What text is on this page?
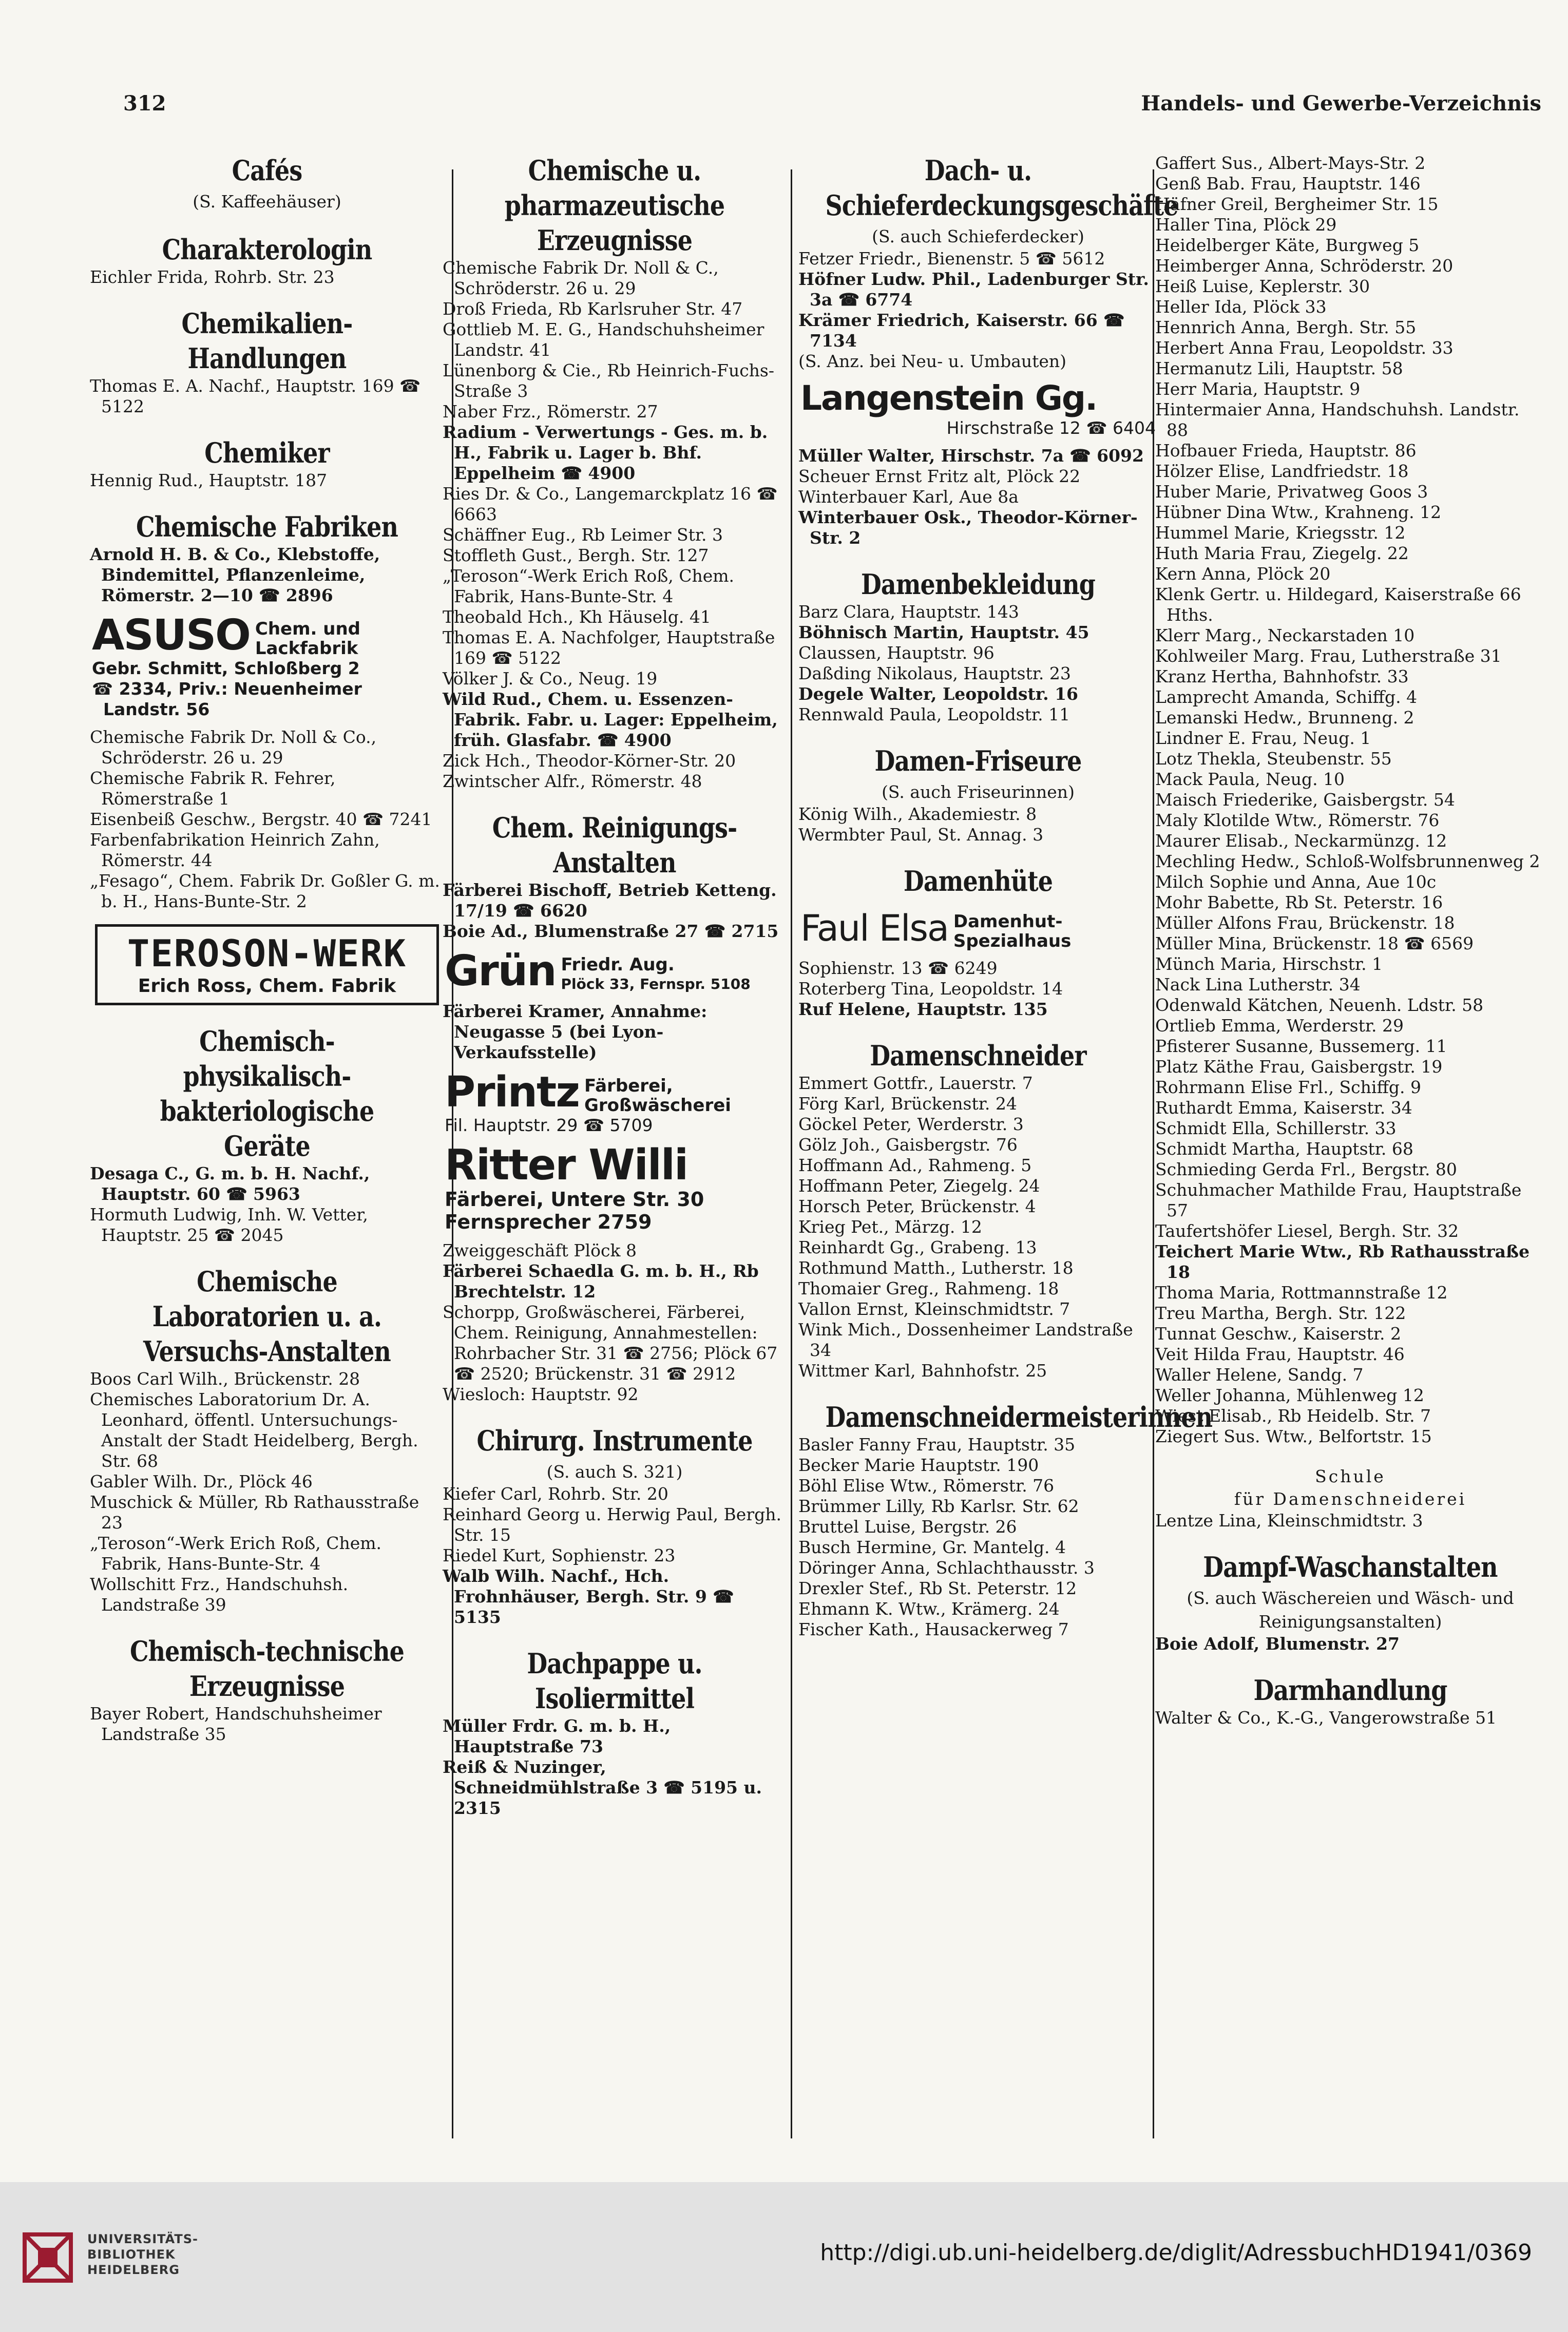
312	Handels- und Gewerbe-Verzeichnis
Cafés
(S. Kaffeehäuser)
Charakterologin
Eichler Frida, Rohrb. Str. 23
Chemikalien-Handlungen
Thomas E. A. Nachf., Hauptstr. 169 ☎ 5122
Chemiker
Hennig Rud., Hauptstr. 187
Chemische Fabriken
Arnold H. B. & Co., Klebstoffe, Bindemittel, Pflanzenleime, Römerstr. 2—10 ☎ 2896
ASUSO Chem. und
Lackfabrik
Gebr. Schmitt, Schloßberg 2
☎ 2334, Priv.: Neuenheimer Landstr. 56
Chemische Fabrik Dr. Noll & Co., Schröderstr. 26 u. 29
Chemische Fabrik R. Fehrer, Römerstraße 1
Eisenbeiß Geschw., Bergstr. 40 ☎ 7241
Farbenfabrikation Heinrich Zahn, Römerstr. 44
„Fesago“, Chem. Fabrik Dr. Goßler G. m. b. H., Hans-Bunte-Str. 2
TEROSON-WERK
Erich Ross, Chem. Fabrik
Chemisch-physikalisch-bakteriologische Geräte
Desaga C., G. m. b. H. Nachf., Hauptstr. 60 ☎ 5963
Hormuth Ludwig, Inh. W. Vetter, Hauptstr. 25 ☎ 2045
Chemische Laboratorien u. a. Versuchs-Anstalten
Boos Carl Wilh., Brückenstr. 28
Chemisches Laboratorium Dr. A. Leonhard, öffentl. Untersuchungs-Anstalt der Stadt Heidelberg, Bergh. Str. 68
Gabler Wilh. Dr., Plöck 46
Muschick & Müller, Rb Rathausstraße 23
„Teroson“-Werk Erich Roß, Chem. Fabrik, Hans-Bunte-Str. 4
Wollschitt Frz., Handschuhsh. Landstraße 39
Chemisch-technische Erzeugnisse
Bayer Robert, Handschuhsheimer Landstraße 35
Chemische u. pharmazeutische Erzeugnisse
Chemische Fabrik Dr. Noll & C., Schröderstr. 26 u. 29
Droß Frieda, Rb Karlsruher Str. 47
Gottlieb M. E. G., Handschuhsheimer Landstr. 41
Lünenborg & Cie., Rb Heinrich-Fuchs-Straße 3
Naber Frz., Römerstr. 27
Radium - Verwertungs - Ges. m. b. H., Fabrik u. Lager b. Bhf. Eppelheim ☎ 4900
Ries Dr. & Co., Langemarckplatz 16 ☎ 6663
Schäffner Eug., Rb Leimer Str. 3
Stoffleth Gust., Bergh. Str. 127
„Teroson“-Werk Erich Roß, Chem. Fabrik, Hans-Bunte-Str. 4
Theobald Hch., Kh Häuselg. 41
Thomas E. A. Nachfolger, Hauptstraße 169 ☎ 5122
Völker J. & Co., Neug. 19
Wild Rud., Chem. u. Essenzen-Fabrik. Fabr. u. Lager: Eppelheim, früh. Glasfabr. ☎ 4900
Zick Hch., Theodor-Körner-Str. 20
Zwintscher Alfr., Römerstr. 48
Chem. Reinigungs-Anstalten
Färberei Bischoff, Betrieb Ketteng. 17/19 ☎ 6620
Boie Ad., Blumenstraße 27 ☎ 2715
Grün Friedr. Aug.
Plöck 33, Fernspr. 5108
Färberei Kramer, Annahme: Neugasse 5 (bei Lyon-Verkaufsstelle)
Printz Färberei,
Großwäscherei
Fil. Hauptstr. 29 ☎ 5709
Ritter Willi
Färberei, Untere Str. 30
Fernsprecher 2759
Zweiggeschäft Plöck 8
Färberei Schaedla G. m. b. H., Rb Brechtelstr. 12
Schorpp, Großwäscherei, Färberei, Chem. Reinigung, Annahmestellen: Rohrbacher Str. 31 ☎ 2756; Plöck 67 ☎ 2520; Brückenstr. 31 ☎ 2912
Wiesloch: Hauptstr. 92
Chirurg. Instrumente
(S. auch S. 321)
Kiefer Carl, Rohrb. Str. 20
Reinhard Georg u. Herwig Paul, Bergh. Str. 15
Riedel Kurt, Sophienstr. 23
Walb Wilh. Nachf., Hch. Frohnhäuser, Bergh. Str. 9 ☎ 5135
Dachpappe u. Isoliermittel
Müller Frdr. G. m. b. H., Hauptstraße 73
Reiß & Nuzinger, Schneidmühlstraße 3 ☎ 5195 u. 2315
Dach- u. Schieferdeckungsgeschäfte
(S. auch Schieferdecker)
Fetzer Friedr., Bienenstr. 5 ☎ 5612
Höfner Ludw. Phil., Ladenburger Str. 3a ☎ 6774
Krämer Friedrich, Kaiserstr. 66 ☎ 7134
(S. Anz. bei Neu- u. Umbauten)
Langenstein Gg.
Hirschstraße 12 ☎ 6404
Müller Walter, Hirschstr. 7a ☎ 6092
Scheuer Ernst Fritz alt, Plöck 22
Winterbauer Karl, Aue 8a
Winterbauer Osk., Theodor-Körner-Str. 2
Damenbekleidung
Barz Clara, Hauptstr. 143
Böhnisch Martin, Hauptstr. 45
Claussen, Hauptstr. 96
Daßding Nikolaus, Hauptstr. 23
Degele Walter, Leopoldstr. 16
Rennwald Paula, Leopoldstr. 11
Damen-Friseure
(S. auch Friseurinnen)
König Wilh., Akademiestr. 8
Wermbter Paul, St. Annag. 3
Damenhüte
Faul Elsa Damenhut-
Spezialhaus
Sophienstr. 13 ☎ 6249
Roterberg Tina, Leopoldstr. 14
Ruf Helene, Hauptstr. 135
Damenschneider
Emmert Gottfr., Lauerstr. 7
Förg Karl, Brückenstr. 24
Göckel Peter, Werderstr. 3
Gölz Joh., Gaisbergstr. 76
Hoffmann Ad., Rahmeng. 5
Hoffmann Peter, Ziegelg. 24
Horsch Peter, Brückenstr. 4
Krieg Pet., Märzg. 12
Reinhardt Gg., Grabeng. 13
Rothmund Matth., Lutherstr. 18
Thomaier Greg., Rahmeng. 18
Vallon Ernst, Kleinschmidtstr. 7
Wink Mich., Dossenheimer Landstraße 34
Wittmer Karl, Bahnhofstr. 25
Damenschneidermeisterinnen
Basler Fanny Frau, Hauptstr. 35
Becker Marie Hauptstr. 190
Böhl Elise Wtw., Römerstr. 76
Brümmer Lilly, Rb Karlsr. Str. 62
Bruttel Luise, Bergstr. 26
Busch Hermine, Gr. Mantelg. 4
Döringer Anna, Schlachthausstr. 3
Drexler Stef., Rb St. Peterstr. 12
Ehmann K. Wtw., Krämerg. 24
Fischer Kath., Hausackerweg 7
Gaffert Sus., Albert-Mays-Str. 2
Genß Bab. Frau, Hauptstr. 146
Häfner Greil, Bergheimer Str. 15
Haller Tina, Plöck 29
Heidelberger Käte, Burgweg 5
Heimberger Anna, Schröderstr. 20
Heiß Luise, Keplerstr. 30
Heller Ida, Plöck 33
Hennrich Anna, Bergh. Str. 55
Herbert Anna Frau, Leopoldstr. 33
Hermanutz Lili, Hauptstr. 58
Herr Maria, Hauptstr. 9
Hintermaier Anna, Handschuhsh. Landstr. 88
Hofbauer Frieda, Hauptstr. 86
Hölzer Elise, Landfriedstr. 18
Huber Marie, Privatweg Goos 3
Hübner Dina Wtw., Krahneng. 12
Hummel Marie, Kriegsstr. 12
Huth Maria Frau, Ziegelg. 22
Kern Anna, Plöck 20
Klenk Gertr. u. Hildegard, Kaiserstraße 66 Hths.
Klerr Marg., Neckarstaden 10
Kohlweiler Marg. Frau, Lutherstraße 31
Kranz Hertha, Bahnhofstr. 33
Lamprecht Amanda, Schiffg. 4
Lemanski Hedw., Brunneng. 2
Lindner E. Frau, Neug. 1
Lotz Thekla, Steubenstr. 55
Mack Paula, Neug. 10
Maisch Friederike, Gaisbergstr. 54
Maly Klotilde Wtw., Römerstr. 76
Maurer Elisab., Neckarmünzg. 12
Mechling Hedw., Schloß-Wolfsbrunnenweg 2
Milch Sophie und Anna, Aue 10c
Mohr Babette, Rb St. Peterstr. 16
Müller Alfons Frau, Brückenstr. 18
Müller Mina, Brückenstr. 18 ☎ 6569
Münch Maria, Hirschstr. 1
Nack Lina Lutherstr. 34
Odenwald Kätchen, Neuenh. Ldstr. 58
Ortlieb Emma, Werderstr. 29
Pfisterer Susanne, Bussemerg. 11
Platz Käthe Frau, Gaisbergstr. 19
Rohrmann Elise Frl., Schiffg. 9
Ruthardt Emma, Kaiserstr. 34
Schmidt Ella, Schillerstr. 33
Schmidt Martha, Hauptstr. 68
Schmieding Gerda Frl., Bergstr. 80
Schuhmacher Mathilde Frau, Hauptstraße 57
Taufertshöfer Liesel, Bergh. Str. 32
Teichert Marie Wtw., Rb Rathausstraße 18
Thoma Maria, Rottmannstraße 12
Treu Martha, Bergh. Str. 122
Tunnat Geschw., Kaiserstr. 2
Veit Hilda Frau, Hauptstr. 46
Waller Helene, Sandg. 7
Weller Johanna, Mühlenweg 12
Wiest Elisab., Rb Heidelb. Str. 7
Ziegert Sus. Wtw., Belfortstr. 15
Schule
für Damenschneiderei
Lentze Lina, Kleinschmidtstr. 3
Dampf-Waschanstalten
(S. auch Wäschereien und Wäsch- und Reinigungsanstalten)
Boie Adolf, Blumenstr. 27
Darmhandlung
Walter & Co., K.-G., Vangerowstraße 51
UNIVERSITÄTS-
BIBLIOTHEK
HEIDELBERG
http://digi.ub.uni-heidelberg.de/diglit/AdressbuchHD1941/0369
